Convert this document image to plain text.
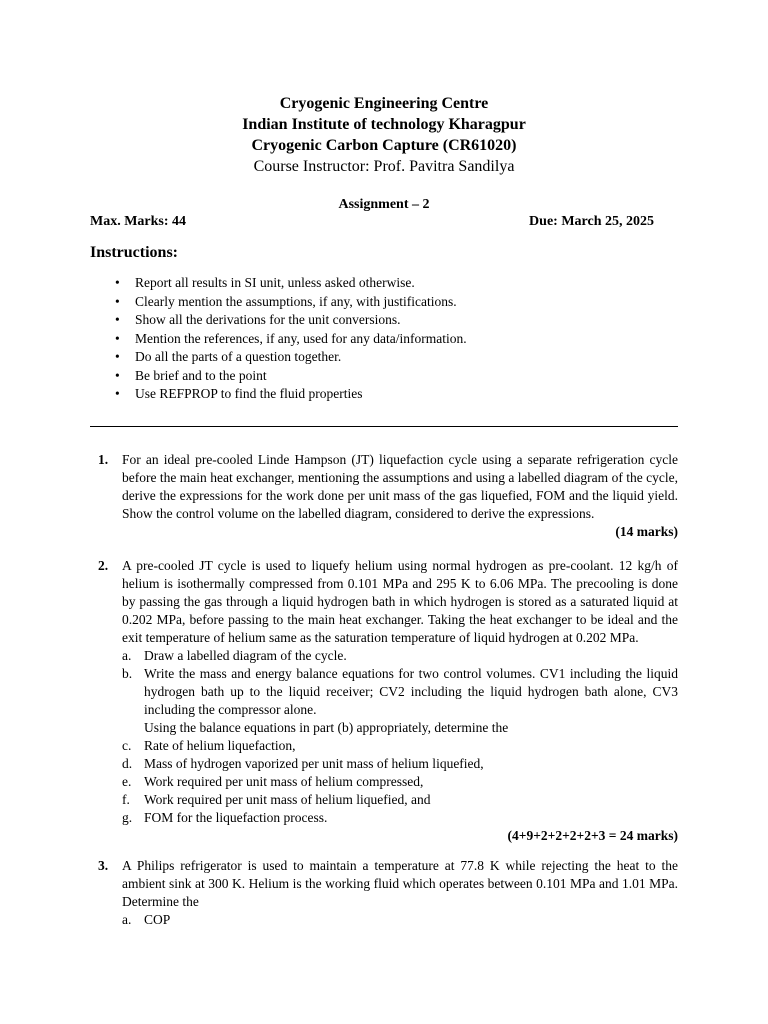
Cryogenic Engineering Centre
Indian Institute of technology Kharagpur
Cryogenic Carbon Capture (CR61020)
Course Instructor: Prof. Pavitra Sandilya
Assignment – 2
Max. Marks: 44	Due: March 25, 2025
Instructions:
• Report all results in SI unit, unless asked otherwise.
• Clearly mention the assumptions, if any, with justifications.
• Show all the derivations for the unit conversions.
• Mention the references, if any, used for any data/information.
• Do all the parts of a question together.
• Be brief and to the point
• Use REFPROP to find the fluid properties
1. For an ideal pre-cooled Linde Hampson (JT) liquefaction cycle using a separate refrigeration cycle before the main heat exchanger, mentioning the assumptions and using a labelled diagram of the cycle, derive the expressions for the work done per unit mass of the gas liquefied, FOM and the liquid yield. Show the control volume on the labelled diagram, considered to derive the expressions.
(14 marks)
2. A pre-cooled JT cycle is used to liquefy helium using normal hydrogen as pre-coolant. 12 kg/h of helium is isothermally compressed from 0.101 MPa and 295 K to 6.06 MPa. The precooling is done by passing the gas through a liquid hydrogen bath in which hydrogen is stored as a saturated liquid at 0.202 MPa, before passing to the main heat exchanger. Taking the heat exchanger to be ideal and the exit temperature of helium same as the saturation temperature of liquid hydrogen at 0.202 MPa.
a. Draw a labelled diagram of the cycle.
b. Write the mass and energy balance equations for two control volumes. CV1 including the liquid hydrogen bath up to the liquid receiver; CV2 including the liquid hydrogen bath alone, CV3 including the compressor alone.
Using the balance equations in part (b) appropriately, determine the
c. Rate of helium liquefaction,
d. Mass of hydrogen vaporized per unit mass of helium liquefied,
e. Work required per unit mass of helium compressed,
f. Work required per unit mass of helium liquefied, and
g. FOM for the liquefaction process.
(4+9+2+2+2+2+3 = 24 marks)
3. A Philips refrigerator is used to maintain a temperature at 77.8 K while rejecting the heat to the ambient sink at 300 K. Helium is the working fluid which operates between 0.101 MPa and 1.01 MPa. Determine the
a. COP
